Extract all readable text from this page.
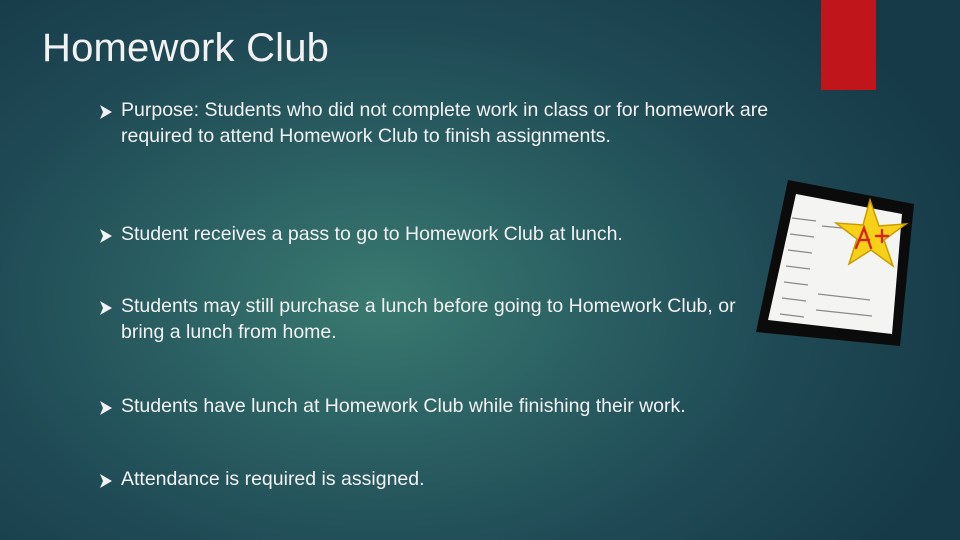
Homework Club
Purpose: Students who did not complete work in class or for homework are required to attend Homework Club to finish assignments.
Student receives a pass to go to Homework Club at lunch.
Students may still purchase a lunch before going to Homework Club, or bring a lunch from home.
Students have lunch at Homework Club while finishing their work.
Attendance is required is assigned.
